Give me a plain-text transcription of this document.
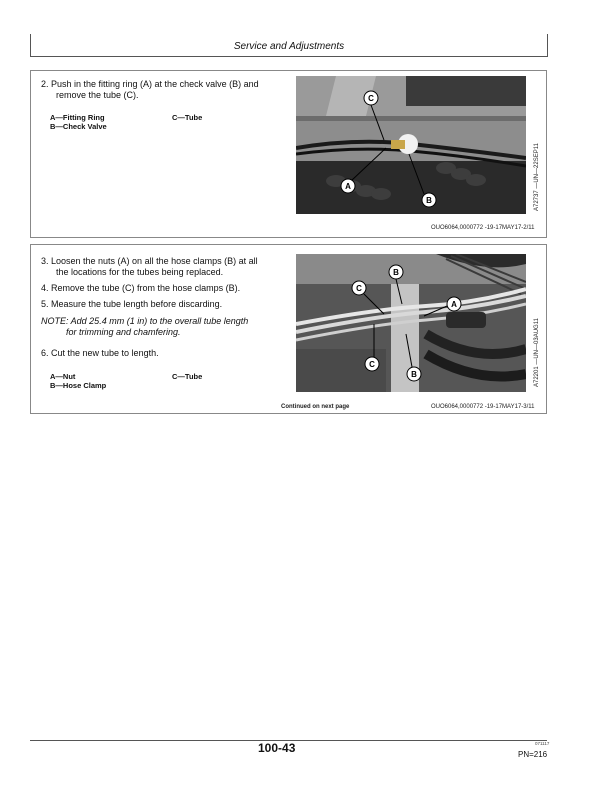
Service and Adjustments
2. Push in the fitting ring (A) at the check valve (B) and
remove the tube (C).
A—Fitting Ring
B—Check Valve
C—Tube
C
A
B	A72737 —UN—22SEP11
OUO6064,0000772 -19-17MAY17-2/11
3. Loosen the nuts (A) on all the hose clamps (B) at all
the locations for the tubes being replaced.
4. Remove the tube (C) from the hose clamps (B).
5. Measure the tube length before discarding.
NOTE: Add 25.4 mm (1 in) to the overall tube length
for trimming and chamfering.
6. Cut the new tube to length.
A—Nut
B—Hose Clamp
C—Tube
B
C
A
C
B	A72201 —UN—03AUG11
Continued on next page	OUO6064,0000772 -19-17MAY17-3/11
100-43	071117
PN=216
